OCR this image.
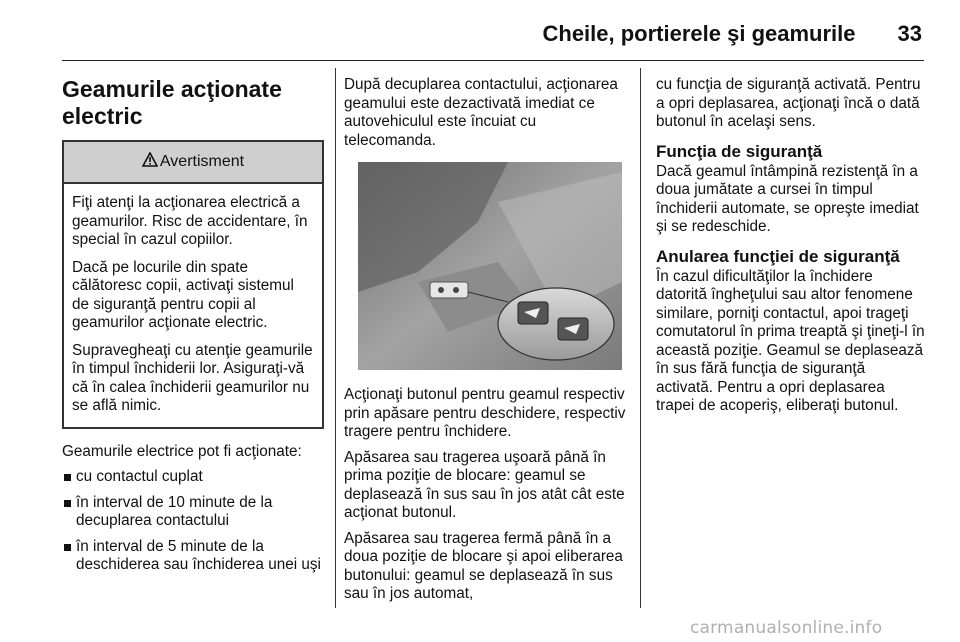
Cheile, portierele şi geamurile 33
Geamurile acţionate
electric
Avertisment

Fiţi atenţi la acţionarea electrică a geamurilor. Risc de accidentare, în special în cazul copiilor.

Dacă pe locurile din spate călătoresc copii, activaţi sistemul de siguranţă pentru copii al geamurilor acţionate electric.

Supravegheaţi cu atenţie geamurile în timpul închiderii lor. Asiguraţi-vă că în calea închiderii geamurilor nu se află nimic.

Geamurile electrice pot fi acţionate:

cu contactul cuplat
în interval de 10 minute de la decuplarea contactului
în interval de 5 minute de la deschiderea sau închiderea unei uşi

După decuplarea contactului, acţionarea geamului este dezactivată imediat ce autovehiculul este încuiat cu telecomanda.

Acţionaţi butonul pentru geamul respectiv prin apăsare pentru deschidere, respectiv tragere pentru închidere.

Apăsarea sau tragerea uşoară până în prima poziţie de blocare: geamul se deplasează în sus sau în jos atât cât este acţionat butonul.

Apăsarea sau tragerea fermă până în a doua poziţie de blocare şi apoi eliberarea butonului: geamul se deplasează în sus sau în jos automat,

cu funcţia de siguranţă activată. Pentru a opri deplasarea, acţionaţi încă o dată butonul în acelaşi sens.

Funcţia de siguranţă

Dacă geamul întâmpină rezistenţă în a doua jumătate a cursei în timpul închiderii automate, se opreşte imediat şi se redeschide.

Anularea funcţiei de siguranţă

În cazul dificultăţilor la închidere datorită îngheţului sau altor fenomene similare, porniţi contactul, apoi trageţi comutatorul în prima treaptă şi ţineţi-l în această poziţie. Geamul se deplasează în sus fără funcţia de siguranţă activată. Pentru a opri deplasarea trapei de acoperiş, eliberaţi butonul.

carmanualsonline.info
